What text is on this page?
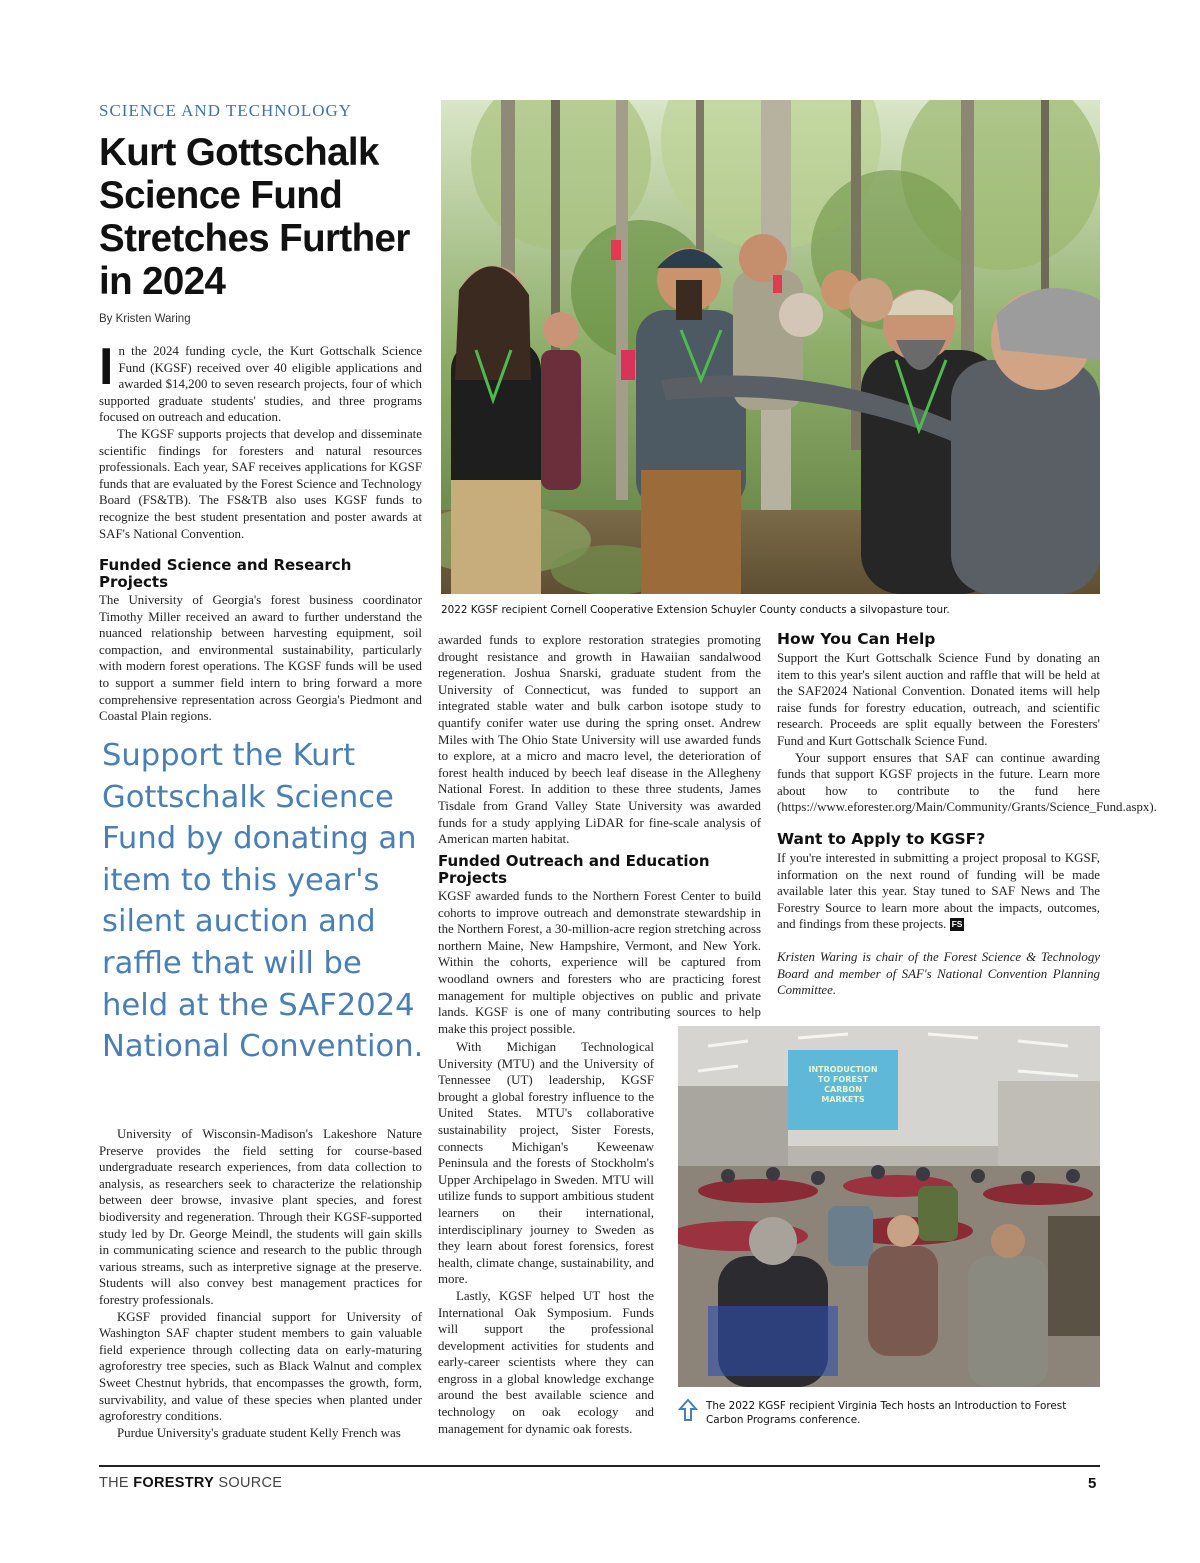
SCIENCE AND TECHNOLOGY
Kurt Gottschalk Science Fund Stretches Further in 2024
By Kristen Waring

In the 2024 funding cycle, the Kurt Gottschalk Science Fund (KGSF) received over 40 eligible applications and awarded $14,200 to seven research projects, four of which supported graduate students' studies, and three programs focused on outreach and education.

The KGSF supports projects that develop and disseminate scientific findings for foresters and natural resources professionals. Each year, SAF receives applications for KGSF funds that are evaluated by the Forest Science and Technology Board (FS&TB). The FS&TB also uses KGSF funds to recognize the best student presentation and poster awards at SAF's National Convention.

Funded Science and Research Projects

The University of Georgia's forest business coordinator Timothy Miller received an award to further understand the nuanced relationship between harvesting equipment, soil compaction, and environmental sustainability, particularly with modern forest operations. The KGSF funds will be used to support a summer field intern to bring forward a more comprehensive representation across Georgia's Piedmont and Coastal Plain regions.

Support the Kurt Gottschalk Science Fund by donating an item to this year's silent auction and raffle that will be held at the SAF2024 National Convention.

University of Wisconsin-Madison's Lakeshore Nature Preserve provides the field setting for course-based undergraduate research experiences, from data collection to analysis, as researchers seek to characterize the relationship between deer browse, invasive plant species, and forest biodiversity and regeneration. Through their KGSF-supported study led by Dr. George Meindl, the students will gain skills in communicating science and research to the public through various streams, such as interpretive signage at the preserve. Students will also convey best management practices for forestry professionals.

KGSF provided financial support for University of Washington SAF chapter student members to gain valuable field experience through collecting data on early-maturing agroforestry tree species, such as Black Walnut and complex Sweet Chestnut hybrids, that encompasses the growth, form, survivability, and value of these species when planted under agroforestry conditions.

Purdue University's graduate student Kelly French was

2022 KGSF recipient Cornell Cooperative Extension Schuyler County conducts a silvopasture tour.

awarded funds to explore restoration strategies promoting drought resistance and growth in Hawaiian sandalwood regeneration. Joshua Snarski, graduate student from the University of Connecticut, was funded to support an integrated stable water and bulk carbon isotope study to quantify conifer water use during the spring onset. Andrew Miles with The Ohio State University will use awarded funds to explore, at a micro and macro level, the deterioration of forest health induced by beech leaf disease in the Allegheny National Forest. In addition to these three students, James Tisdale from Grand Valley State University was awarded funds for a study applying LiDAR for fine-scale analysis of American marten habitat.

Funded Outreach and Education Projects

KGSF awarded funds to the Northern Forest Center to build cohorts to improve outreach and demonstrate stewardship in the Northern Forest, a 30-million-acre region stretching across northern Maine, New Hampshire, Vermont, and New York. Within the cohorts, experience will be captured from woodland owners and foresters who are practicing forest management for multiple objectives on public and private lands. KGSF is one of many contributing sources to help make this project possible.

With Michigan Technological University (MTU) and the University of Tennessee (UT) leadership, KGSF brought a global forestry influence to the United States. MTU's collaborative sustainability project, Sister Forests, connects Michigan's Keweenaw Peninsula and the forests of Stockholm's Upper Archipelago in Sweden. MTU will utilize funds to support ambitious student learners on their international, interdisciplinary journey to Sweden as they learn about forest forensics, forest health, climate change, sustainability, and more.

Lastly, KGSF helped UT host the International Oak Symposium. Funds will support the professional development activities for students and early-career scientists where they can engross in a global knowledge exchange around the best available science and technology on oak ecology and management for dynamic oak forests.

How You Can Help

Support the Kurt Gottschalk Science Fund by donating an item to this year's silent auction and raffle that will be held at the SAF2024 National Convention. Donated items will help raise funds for forestry education, outreach, and scientific research. Proceeds are split equally between the Foresters' Fund and Kurt Gottschalk Science Fund.

Your support ensures that SAF can continue awarding funds that support KGSF projects in the future. Learn more about how to contribute to the fund here (https://www.eforester.org/Main/Community/Grants/Science_Fund.aspx).

Want to Apply to KGSF?

If you're interested in submitting a project proposal to KGSF, information on the next round of funding will be made available later this year. Stay tuned to SAF News and The Forestry Source to learn more about the impacts, outcomes, and findings from these projects. FS

Kristen Waring is chair of the Forest Science & Technology Board and member of SAF's National Convention Planning Committee.

INTRODUCTION
TO FOREST
CARBON
MARKETS
The 2022 KGSF recipient Virginia Tech hosts an Introduction to Forest Carbon Programs conference.
THE FORESTRY SOURCE	5
